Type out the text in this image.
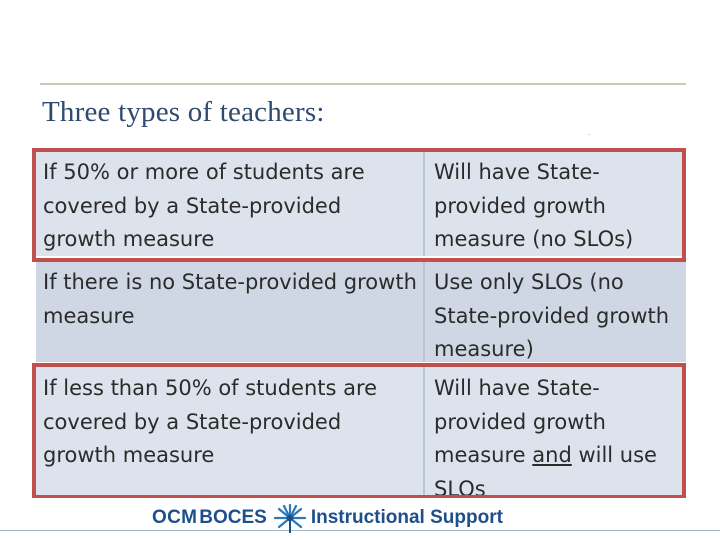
Three types of teachers:
.
If 50% or more of students are covered by a State-provided growth measure
Will have State-provided growth measure (no SLOs)
If there is no State-provided growth measure
Use only SLOs (no State-provided growth measure)
If less than 50% of students are covered by a State-provided growth measure
Will have State-provided growth measure and will use SLOs
OCM BOCES Instructional Support
